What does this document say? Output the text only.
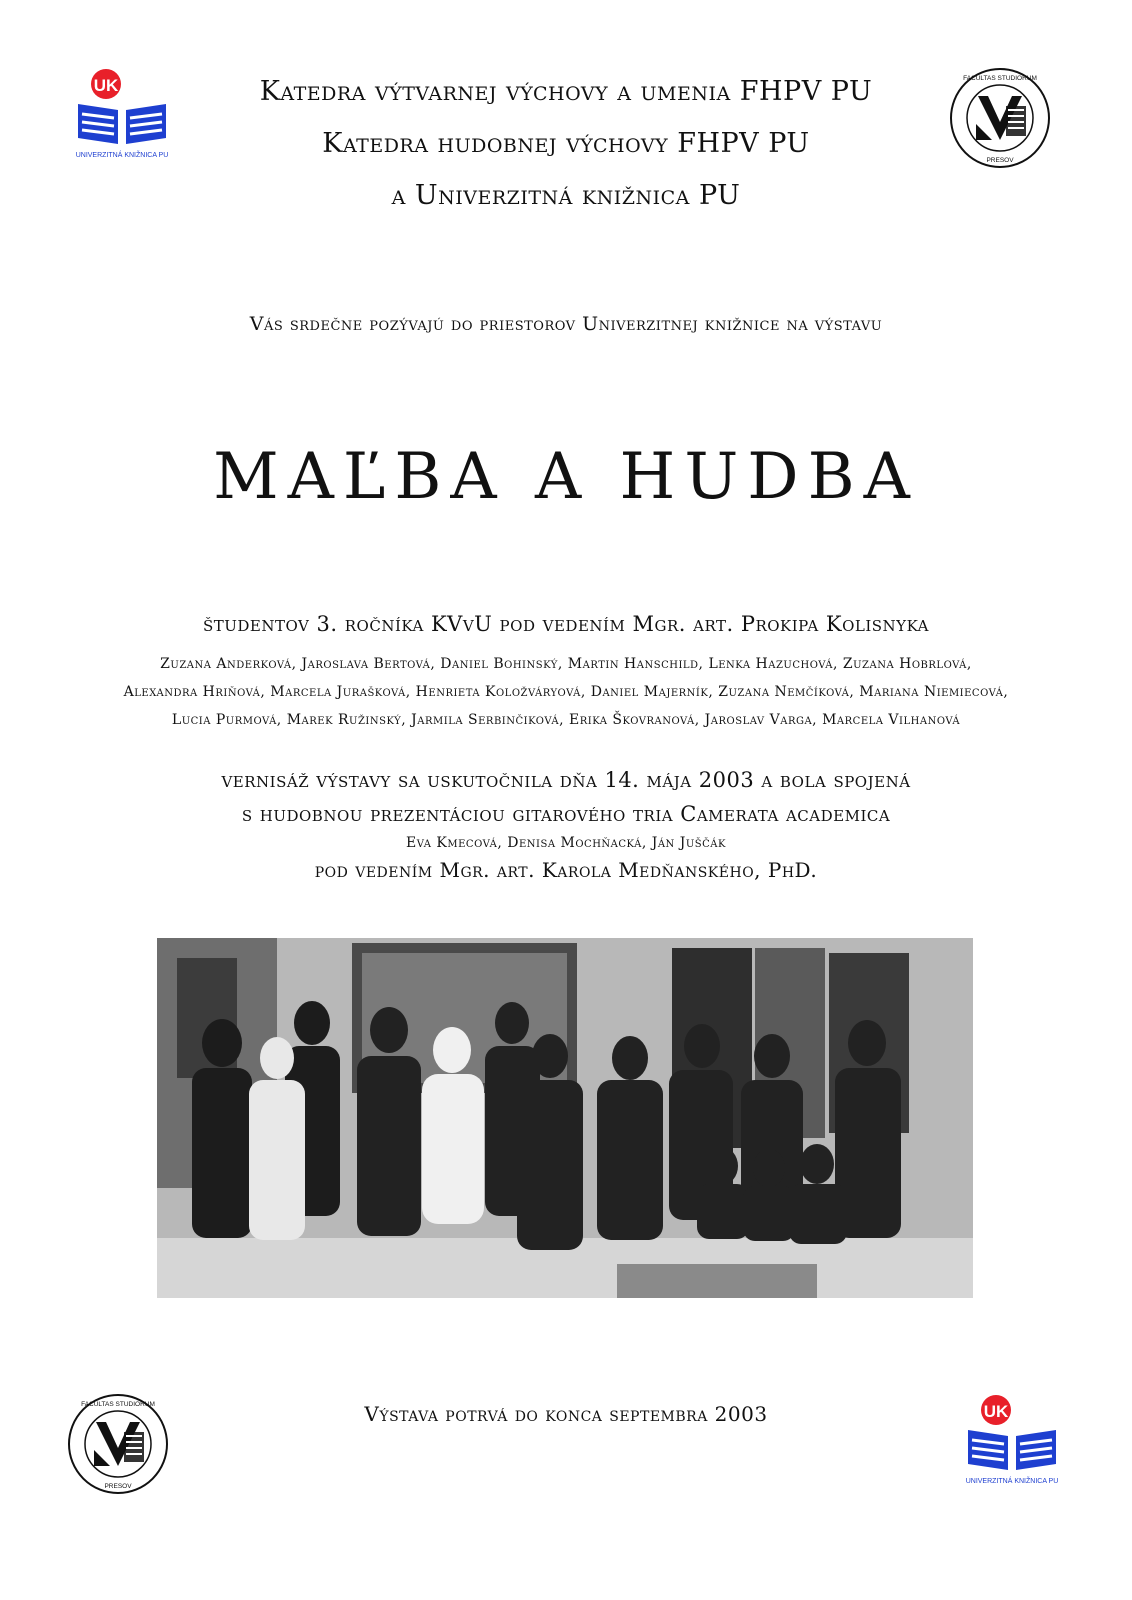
UK
UNIVERZITNÁ KNIŽNICA PU
FACULTAS STUDIORUM
PRESOV
Katedra výtvarnej výchovy a umenia FHPV PU
Katedra hudobnej výchovy FHPV PU
a Univerzitná knižnica PU
Vás srdečne pozývajú do priestorov Univerzitnej knižnice na výstavu
MAĽBA A HUDBA
študentov 3. ročníka KVvU pod vedením Mgr. art. Prokipa Kolisnyka
Zuzana Anderková, Jaroslava Bertová, Daniel Bohinský, Martin Hanschild, Lenka Hazuchová, Zuzana Hobrlová,
Alexandra Hriňová, Marcela Jurašková, Henrieta Koložváryová, Daniel Majerník, Zuzana Nemčíková, Mariana Niemiecová,
Lucia Purmová, Marek Ružinský, Jarmila Serbinčiková, Erika Škovranová, Jaroslav Varga, Marcela Vilhanová
vernisáž výstavy sa uskutočnila dňa 14. mája 2003 a bola spojená
s hudobnou prezentáciou gitarového tria Camerata academica
Eva Kmecová, Denisa Mochňacká, Ján Juščák
pod vedením Mgr. art. Karola Medňanského, PhD.
Výstava potrvá do konca septembra 2003
FACULTAS STUDIORUM
PRESOV
UK
UNIVERZITNÁ KNIŽNICA PU
